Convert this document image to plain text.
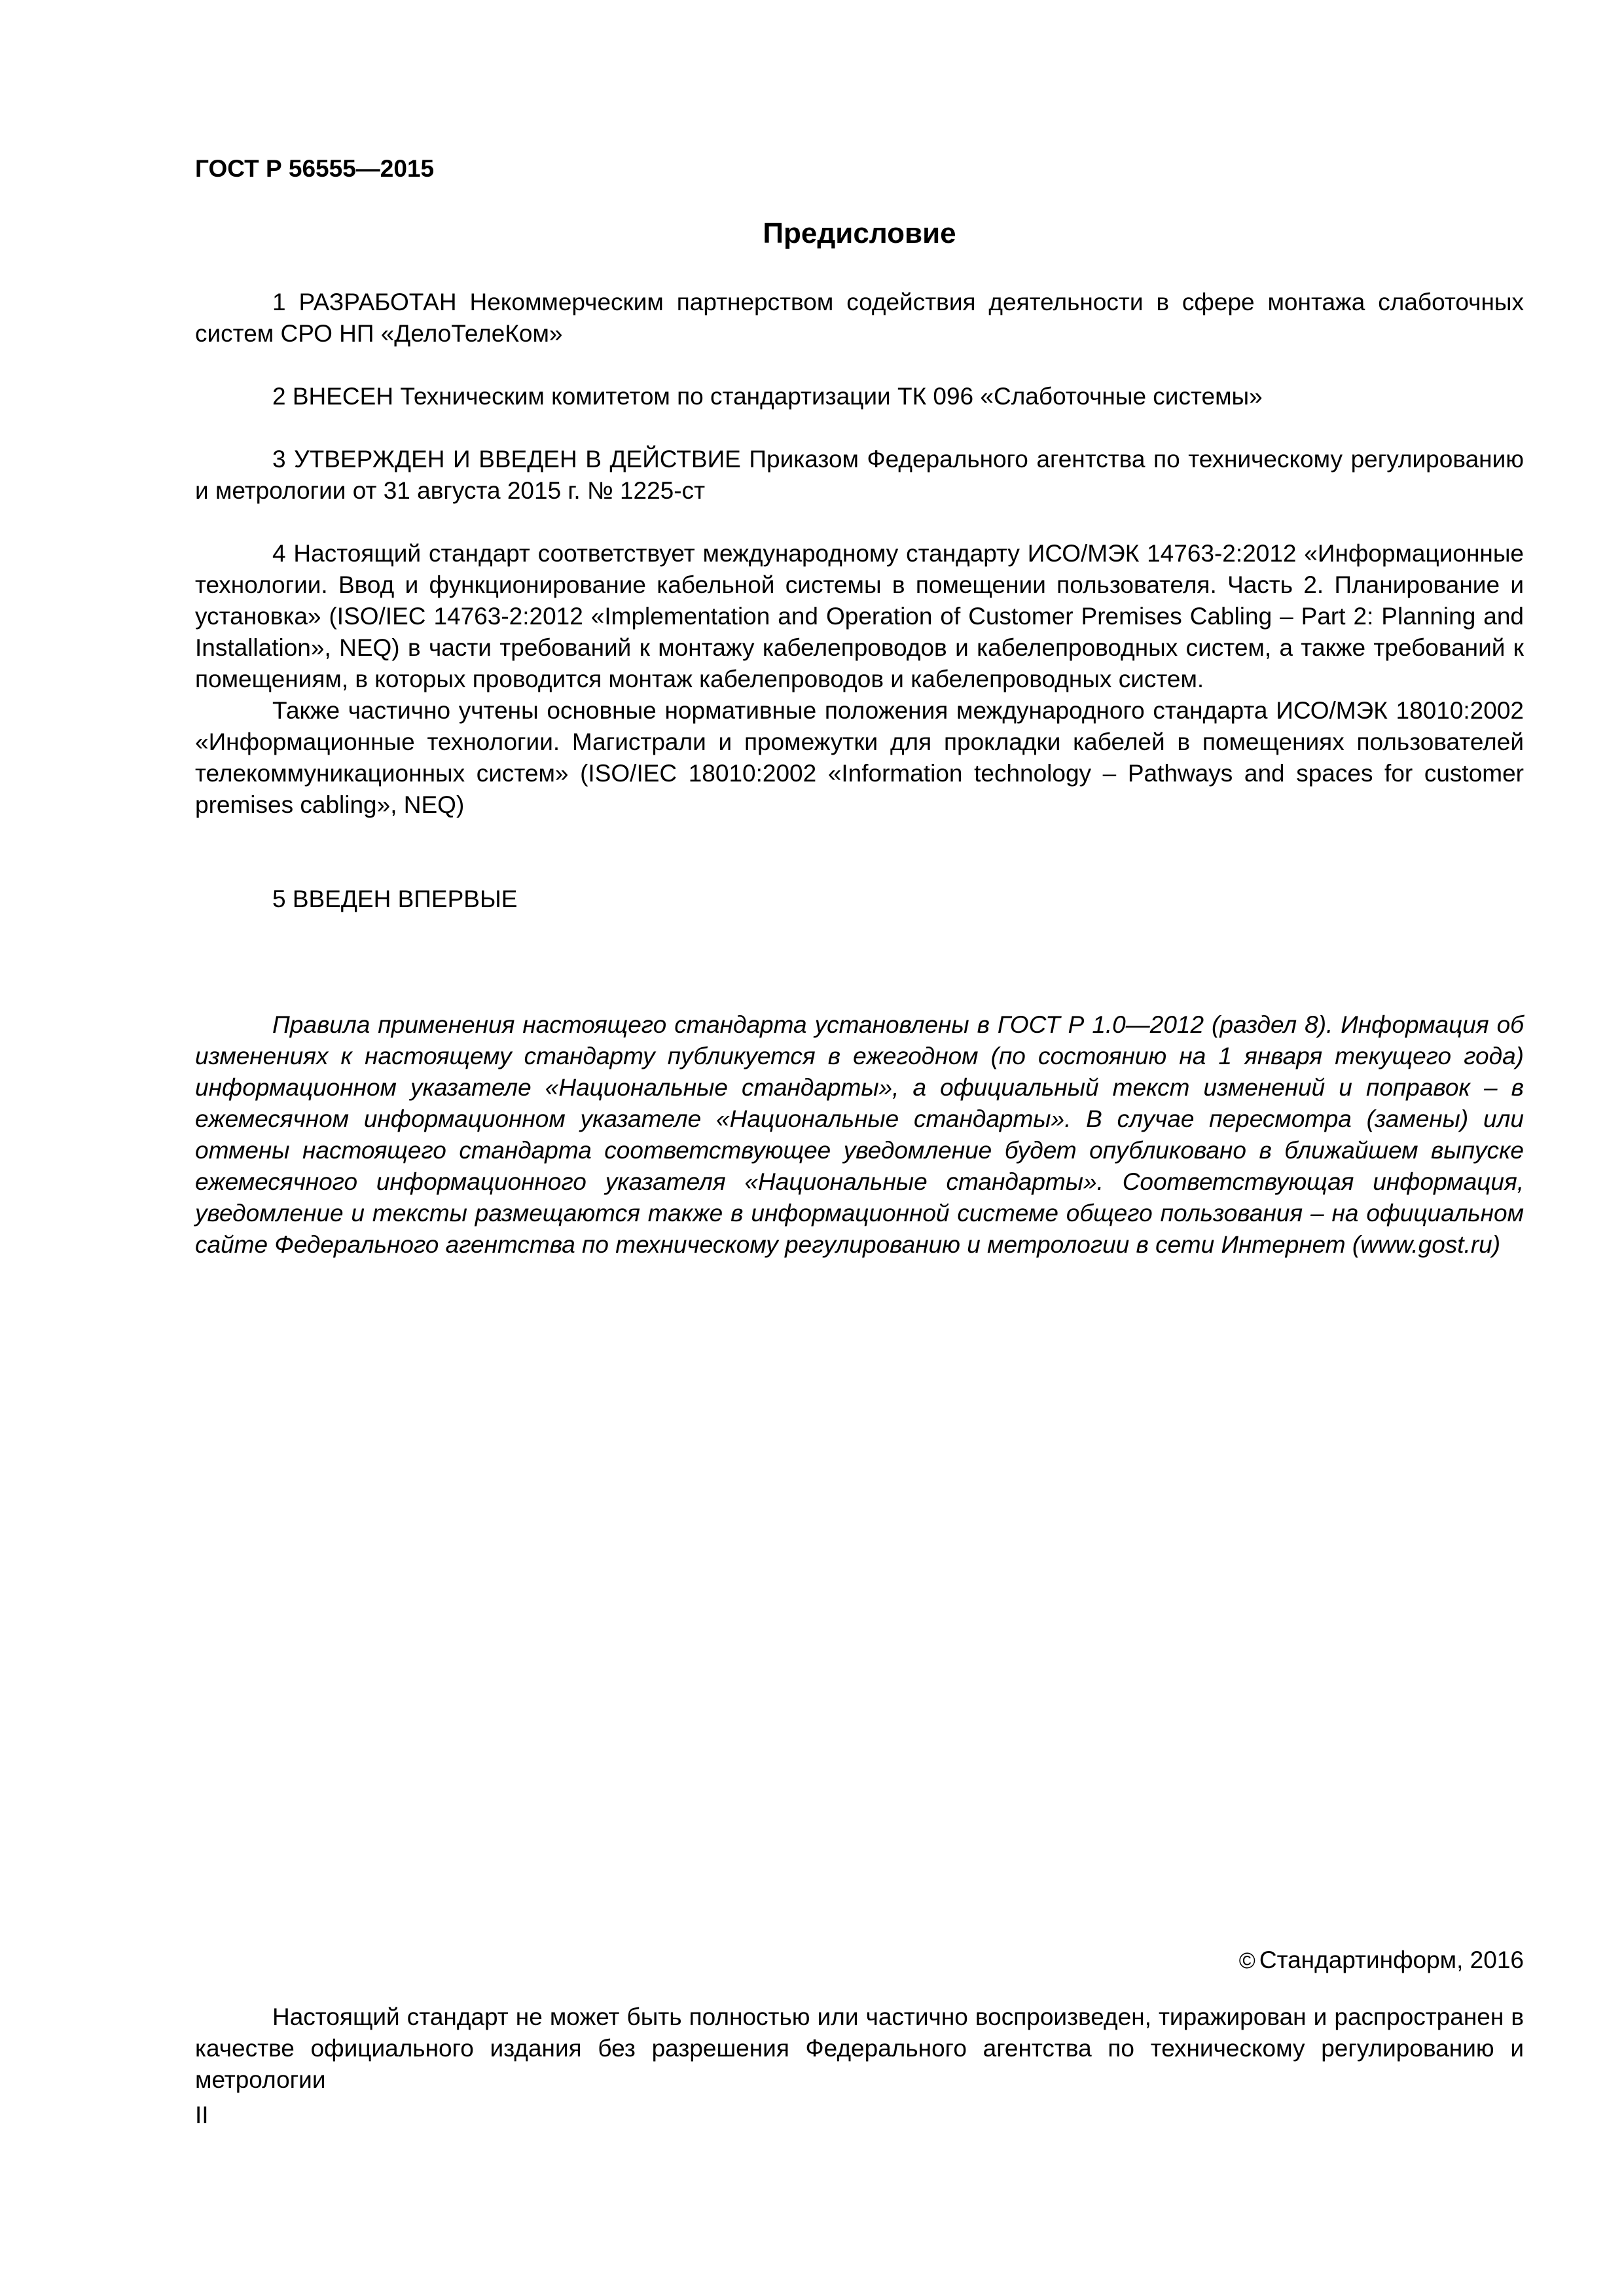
ГОСТ Р 56555—2015
Предисловие

1 РАЗРАБОТАН Некоммерческим партнерством содействия деятельности в сфере монтажа слаботочных систем СРО НП «ДелоТелеКом»

2 ВНЕСЕН Техническим комитетом по стандартизации ТК 096 «Слаботочные системы»

3 УТВЕРЖДЕН И ВВЕДЕН В ДЕЙСТВИЕ Приказом Федерального агентства по техническому регулированию и метрологии от 31 августа 2015 г. № 1225-ст

4 Настоящий стандарт соответствует международному стандарту ИСО/МЭК 14763-2:2012 «Информационные технологии. Ввод и функционирование кабельной системы в помещении пользователя. Часть 2. Планирование и установка» (ISO/IEC 14763-2:2012 «Implementation and Operation of Customer Premises Cabling – Part 2: Planning and Installation», NEQ) в части требований к монтажу кабелепроводов и кабелепроводных систем, а также требований к помещениям, в которых проводится монтаж кабелепроводов и кабелепроводных систем.

Также частично учтены основные нормативные положения международного стандарта ИСО/МЭК 18010:2002 «Информационные технологии. Магистрали и промежутки для прокладки кабелей в помещениях пользователей телекоммуникационных систем» (ISO/IEC 18010:2002 «Information technology – Pathways and spaces for customer premises cabling», NEQ)

5 ВВЕДЕН ВПЕРВЫЕ

Правила применения настоящего стандарта установлены в ГОСТ Р 1.0—2012 (раздел 8). Информация об изменениях к настоящему стандарту публикуется в ежегодном (по состоянию на 1 января текущего года) информационном указателе «Национальные стандарты», а официальный текст изменений и поправок – в ежемесячном информационном указателе «Национальные стандарты». В случае пересмотра (замены) или отмены настоящего стандарта соответствующее уведомление будет опубликовано в ближайшем выпуске ежемесячного информационного указателя «Национальные стандарты». Соответствующая информация, уведомление и тексты размещаются также в информационной системе общего пользования – на официальном сайте Федерального агентства по техническому регулированию и метрологии в сети Интернет (www.gost.ru)

© Стандартинформ, 2016

Настоящий стандарт не может быть полностью или частично воспроизведен, тиражирован и распространен в качестве официального издания без разрешения Федерального агентства по техническому регулированию и метрологии

II
